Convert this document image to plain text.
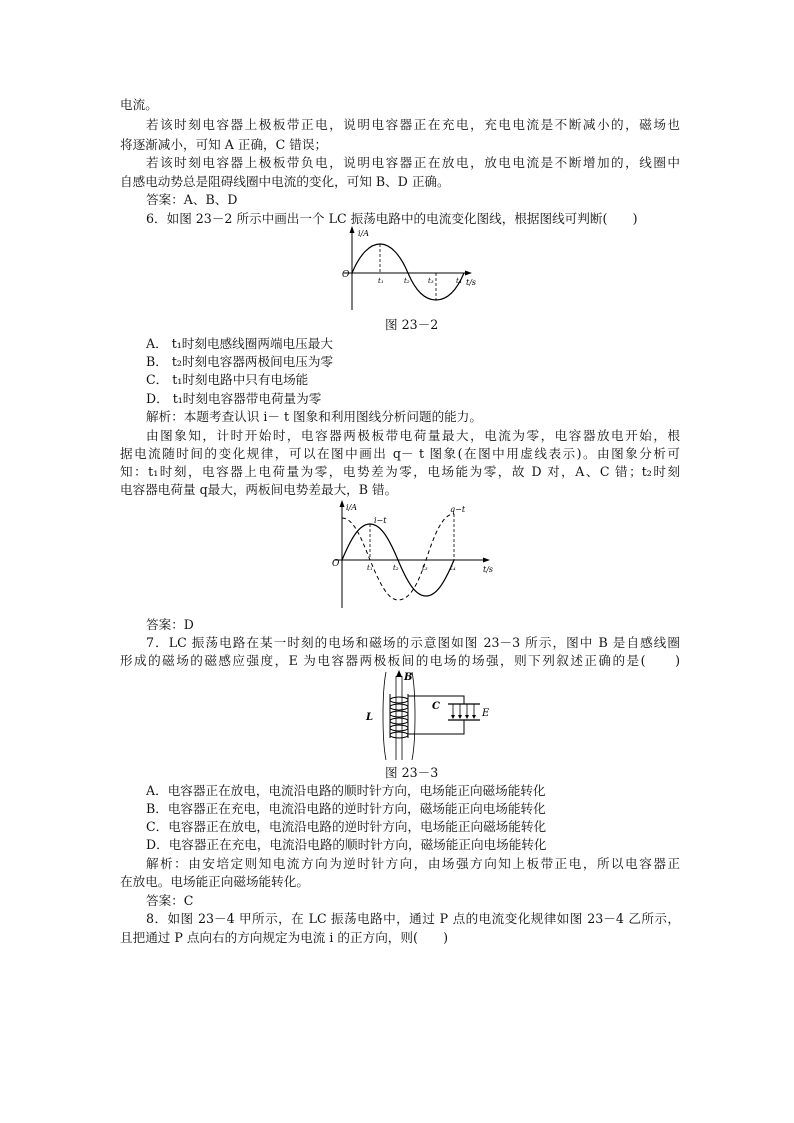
电流。
若该时刻电容器上极板带正电，说明电容器正在充电，充电电流是不断减小的，磁场也
将逐渐减小，可知 A 正确，C 错误；
若该时刻电容器上极板带负电，说明电容器正在放电，放电电流是不断增加的，线圈中
自感电动势总是阻碍线圈中电流的变化，可知 B、D 正确。
答案：A、B、D
6．如图 23－2 所示中画出一个 LC 振荡电路中的电流变化图线，根据图线可判断(　　)
i/A
O
t₁	t₂	t₃	t₄ t/s
图 23－2
A． t₁时刻电感线圈两端电压最大
B． t₂时刻电容器两极间电压为零
C． t₁时刻电路中只有电场能
D． t₁时刻电容器带电荷量为零
解析：本题考查认识 i－ t 图象和利用图线分析问题的能力。
由图象知，计时开始时，电容器两极板带电荷量最大，电流为零，电容器放电开始，根
据电流随时间的变化规律，可以在图中画出 q－ t 图象(在图中用虚线表示)。由图象分析可
知：t₁时刻，电容器上电荷量为零，电势差为零，电场能为零，故 D 对，A、C 错；t₂时刻
电容器电荷量 q最大，两板间电势差最大，B 错。
i/A
O
i−t
q−t
t₁	t₂	t₃	t₄	t/s
答案：D
7．LC 振荡电路在某一时刻的电场和磁场的示意图如图 23－3 所示，图中 B 是自感线圈
形成的磁场的磁感应强度，E 为电容器两极板间的电场的场强，则下列叙述正确的是(　　)
B
L
C
E
图 23－3
A．电容器正在放电，电流沿电路的顺时针方向，电场能正向磁场能转化
B．电容器正在充电，电流沿电路的逆时针方向，磁场能正向电场能转化
C．电容器正在放电，电流沿电路的逆时针方向，电场能正向磁场能转化
D．电容器正在充电，电流沿电路的顺时针方向，磁场能正向电场能转化
解析：由安培定则知电流方向为逆时针方向，由场强方向知上板带正电，所以电容器正
在放电。电场能正向磁场能转化。
答案：C
8．如图 23－4 甲所示，在 LC 振荡电路中，通过 P 点的电流变化规律如图 23－4 乙所示，
且把通过 P 点向右的方向规定为电流 i 的正方向，则(　　)
